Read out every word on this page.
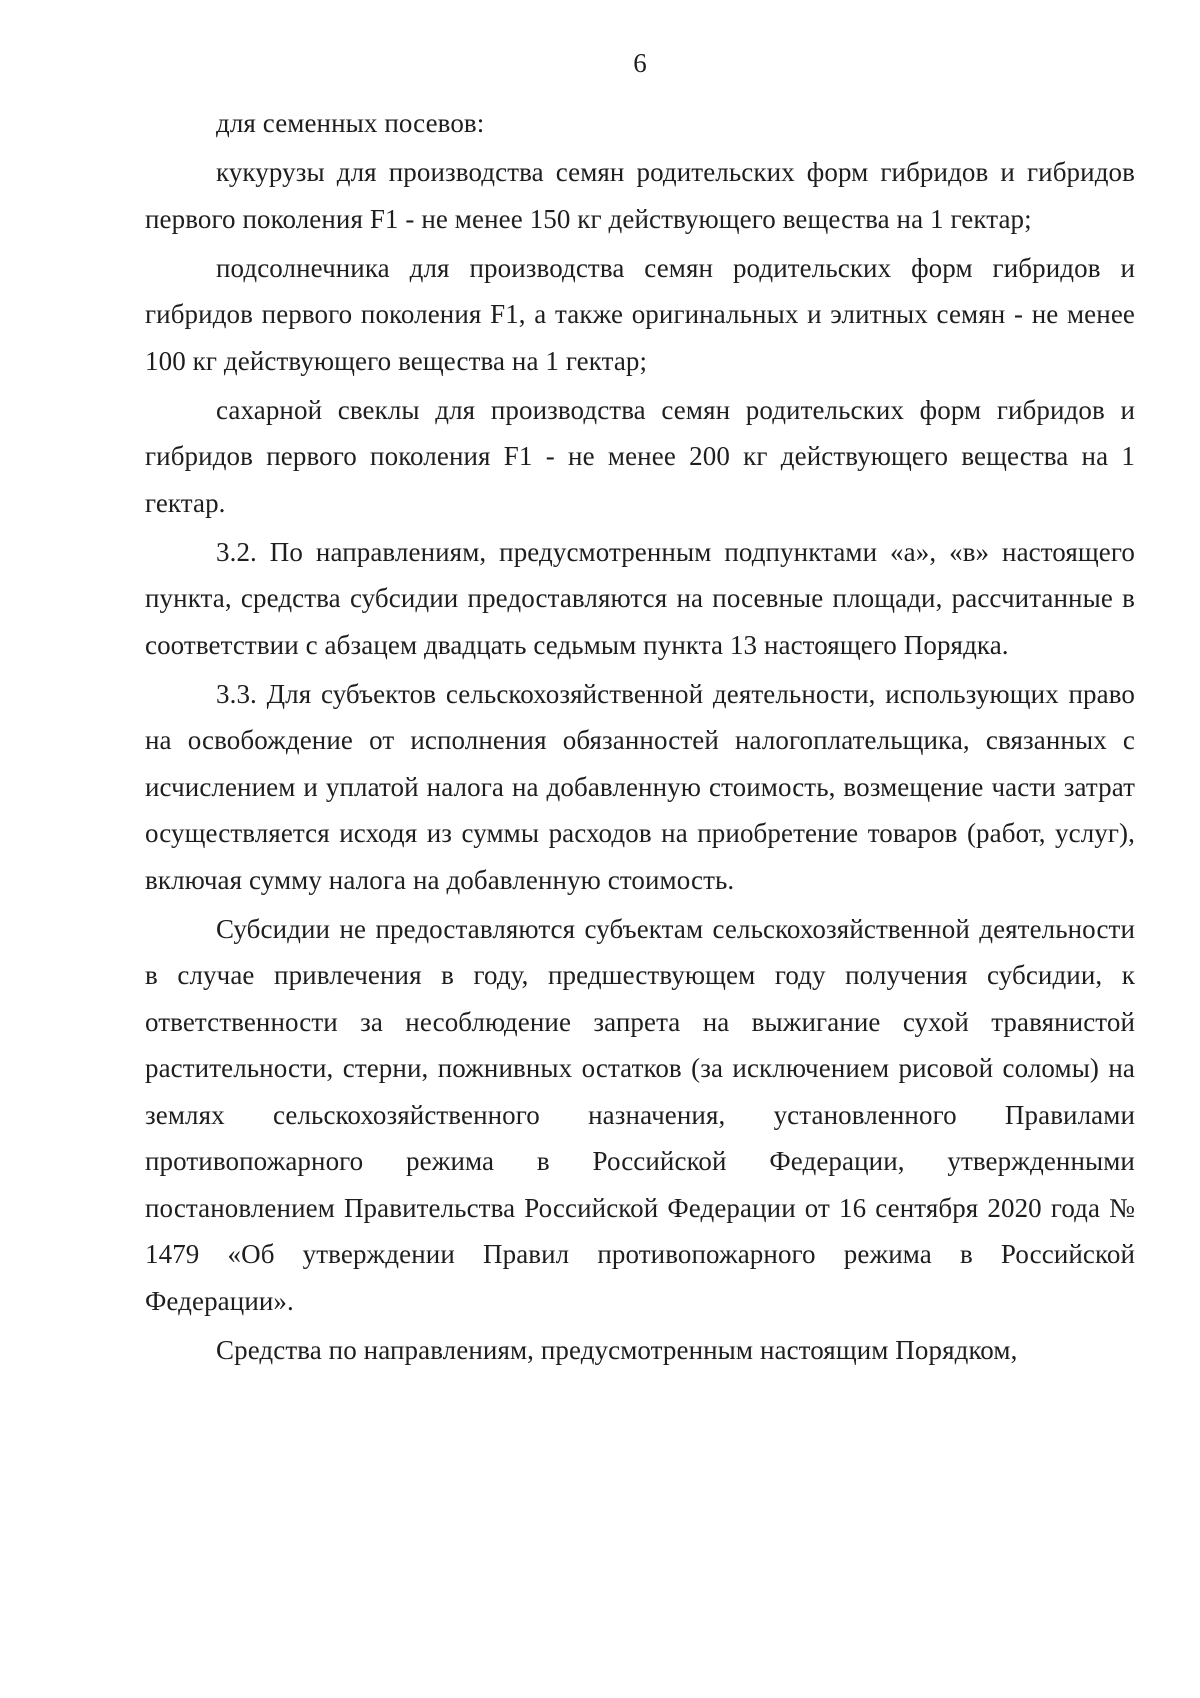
6

для семенных посевов:

кукурузы для производства семян родительских форм гибридов и гибридов первого поколения F1 - не менее 150 кг действующего вещества на 1 гектар;

подсолнечника для производства семян родительских форм гибридов и гибридов первого поколения F1, а также оригинальных и элитных семян - не менее 100 кг действующего вещества на 1 гектар;

сахарной свеклы для производства семян родительских форм гибридов и гибридов первого поколения F1 - не менее 200 кг действующего вещества на 1 гектар.

3.2. По направлениям, предусмотренным подпунктами «а», «в» настоящего пункта, средства субсидии предоставляются на посевные площади, рассчитанные в соответствии с абзацем двадцать седьмым пункта 13 настоящего Порядка.

3.3. Для субъектов сельскохозяйственной деятельности, использующих право на освобождение от исполнения обязанностей налогоплательщика, связанных с исчислением и уплатой налога на добавленную стоимость, возмещение части затрат осуществляется исходя из суммы расходов на приобретение товаров (работ, услуг), включая сумму налога на добавленную стоимость.

Субсидии не предоставляются субъектам сельскохозяйственной деятельности в случае привлечения в году, предшествующем году получения субсидии, к ответственности за несоблюдение запрета на выжигание сухой травянистой растительности, стерни, пожнивных остатков (за исключением рисовой соломы) на землях сельскохозяйственного назначения, установленного Правилами противопожарного режима в Российской Федерации, утвержденными постановлением Правительства Российской Федерации от 16 сентября 2020 года № 1479 «Об утверждении Правил противопожарного режима в Российской Федерации».

Средства по направлениям, предусмотренным настоящим Порядком,
